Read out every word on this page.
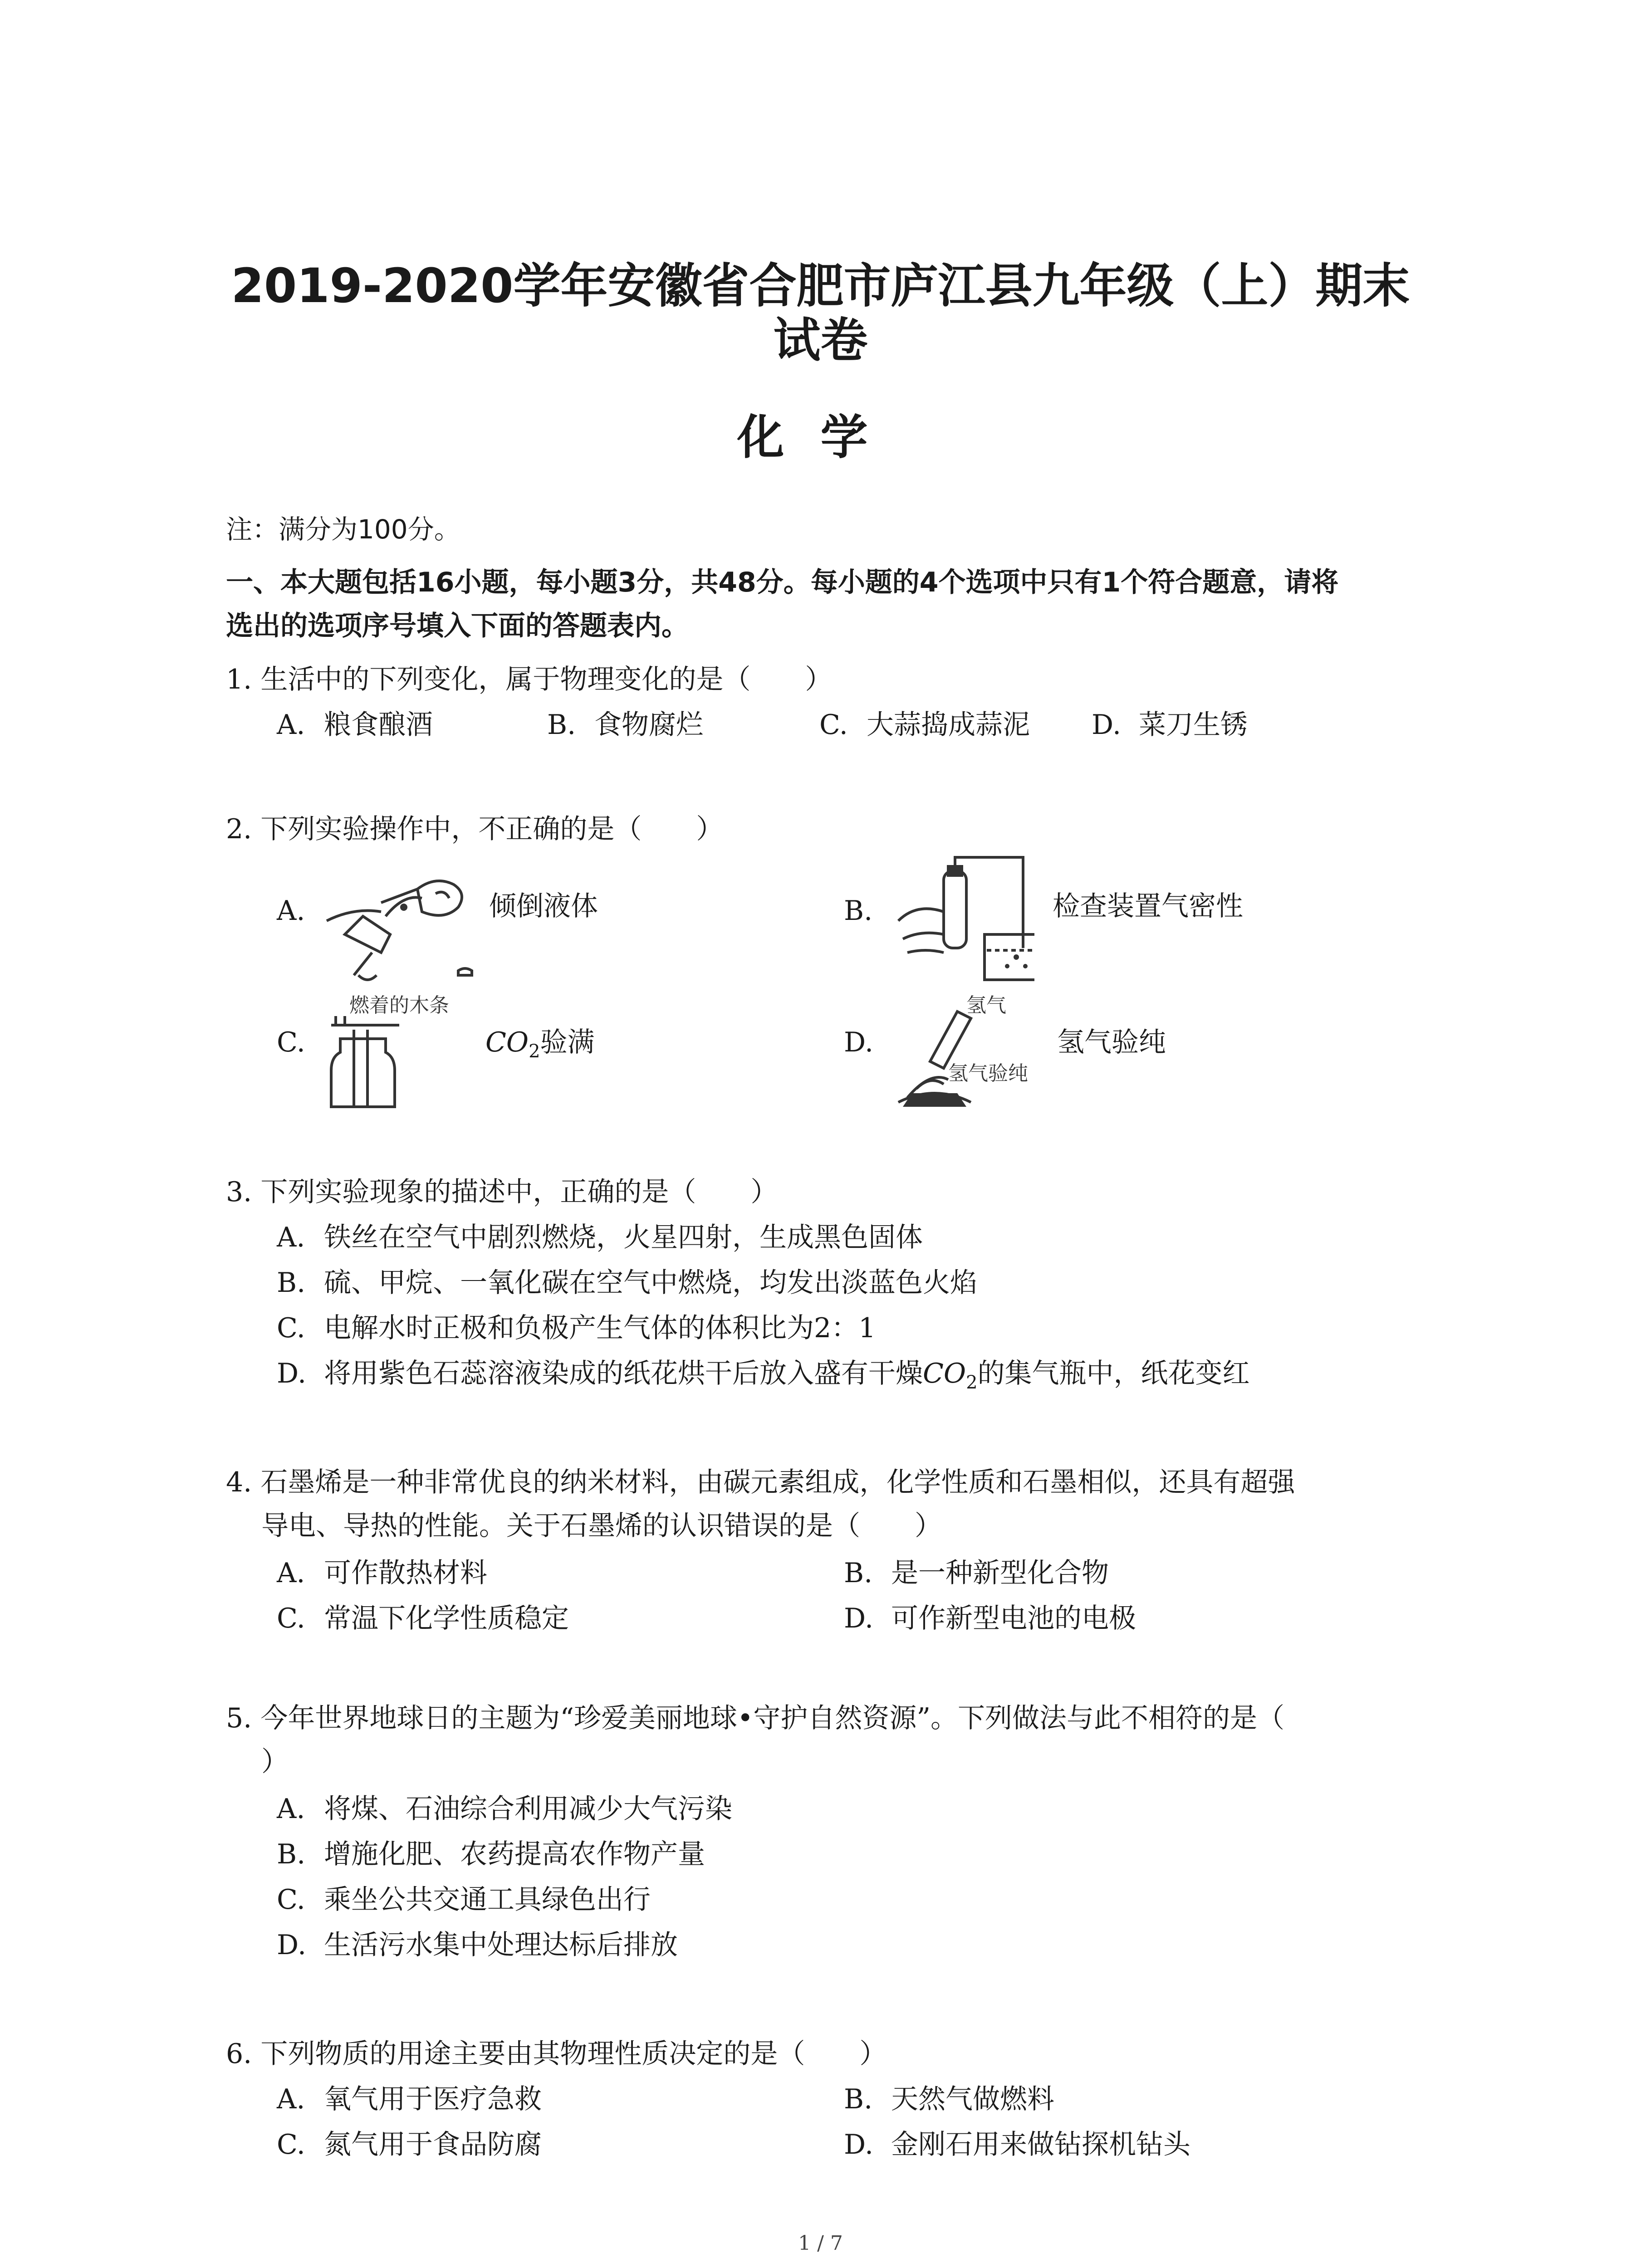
2019-2020学年安徽省合肥市庐江县九年级（上）期末
试卷
化学
注：满分为100分。
一、本大题包括16小题，每小题3分，共48分。每小题的4个选项中只有1个符合题意，请将
选出的选项序号填入下面的答题表内。
1. 生活中的下列变化，属于物理变化的是（　　）
A. 粮食酿酒	B. 食物腐烂	C. 大蒜捣成蒜泥 D. 菜刀生锈
2. 下列实验操作中，不正确的是（　　）
A.	倾倒液体	B.	检查装置气密性
燃着的木条
C.	$CO_2$验满	D.
氢气
氢气验纯
氢气验纯
3. 下列实验现象的描述中，正确的是（　　）
A. 铁丝在空气中剧烈燃烧，火星四射，生成黑色固体
B. 硫、甲烷、一氧化碳在空气中燃烧，均发出淡蓝色火焰
C. 电解水时正极和负极产生气体的体积比为2：1
D. 将用紫色石蕊溶液染成的纸花烘干后放入盛有干燥$CO_2$的集气瓶中，纸花变红
4. 石墨烯是一种非常优良的纳米材料，由碳元素组成，化学性质和石墨相似，还具有超强
导电、导热的性能。关于石墨烯的认识错误的是（　　）
A. 可作散热材料	B. 是一种新型化合物
C. 常温下化学性质稳定	D. 可作新型电池的电极
5. 今年世界地球日的主题为“珍爱美丽地球•守护自然资源”。下列做法与此不相符的是（
）
A. 将煤、石油综合利用减少大气污染
B. 增施化肥、农药提高农作物产量
C. 乘坐公共交通工具绿色出行
D. 生活污水集中处理达标后排放
6. 下列物质的用途主要由其物理性质决定的是（　　）
A. 氧气用于医疗急救	B. 天然气做燃料
C. 氮气用于食品防腐	D. 金刚石用来做钻探机钻头
1 / 7
